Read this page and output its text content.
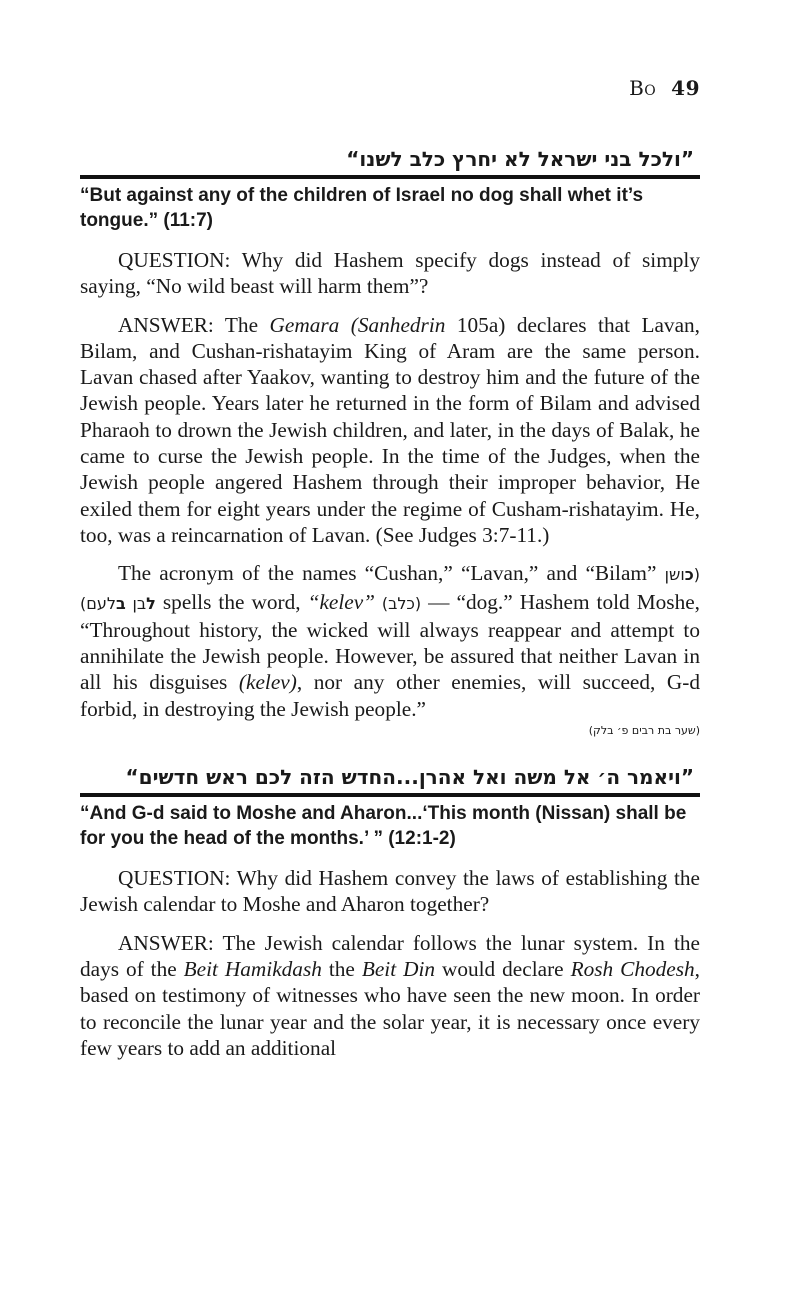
Bo 49
”ולכל בני ישראל לא יחרץ כלב לשנו“
“But against any of the children of Israel no dog shall whet it’s tongue.” (11:7)

QUESTION: Why did Hashem specify dogs instead of simply saying, “No wild beast will harm them”?

ANSWER: The Gemara (Sanhedrin 105a) declares that Lavan, Bilam, and Cushan-rishatayim King of Aram are the same person. Lavan chased after Yaakov, wanting to destroy him and the future of the Jewish people. Years later he returned in the form of Bilam and advised Pharaoh to drown the Jewish children, and later, in the days of Balak, he came to curse the Jewish people. In the time of the Judges, when the Jewish people angered Hashem through their improper behavior, He exiled them for eight years under the regime of Cusham-rishatayim. He, too, was a reincarnation of Lavan. (See Judges 3:7-11.)

The acronym of the names “Cushan,” “Lavan,” and “Bilam” (כושן לבן בלעם) spells the word, “kelev” (כלב) — “dog.” Hashem told Moshe, “Throughout history, the wicked will always reappear and attempt to annihilate the Jewish people. However, be assured that neither Lavan in all his disguises (kelev), nor any other enemies, will succeed, G-d forbid, in destroying the Jewish people.”

(שער בת רבים פ׳ בלק)
”ויאמר ה׳ אל משה ואל אהרן...החדש הזה לכם ראש חדשים“
“And G-d said to Moshe and Aharon...‘This month (Nissan) shall be for you the head of the months.’ ” (12:1-2)

QUESTION: Why did Hashem convey the laws of establishing the Jewish calendar to Moshe and Aharon together?

ANSWER: The Jewish calendar follows the lunar system. In the days of the Beit Hamikdash the Beit Din would declare Rosh Chodesh, based on testimony of witnesses who have seen the new moon. In order to reconcile the lunar year and the solar year, it is necessary once every few years to add an additional
